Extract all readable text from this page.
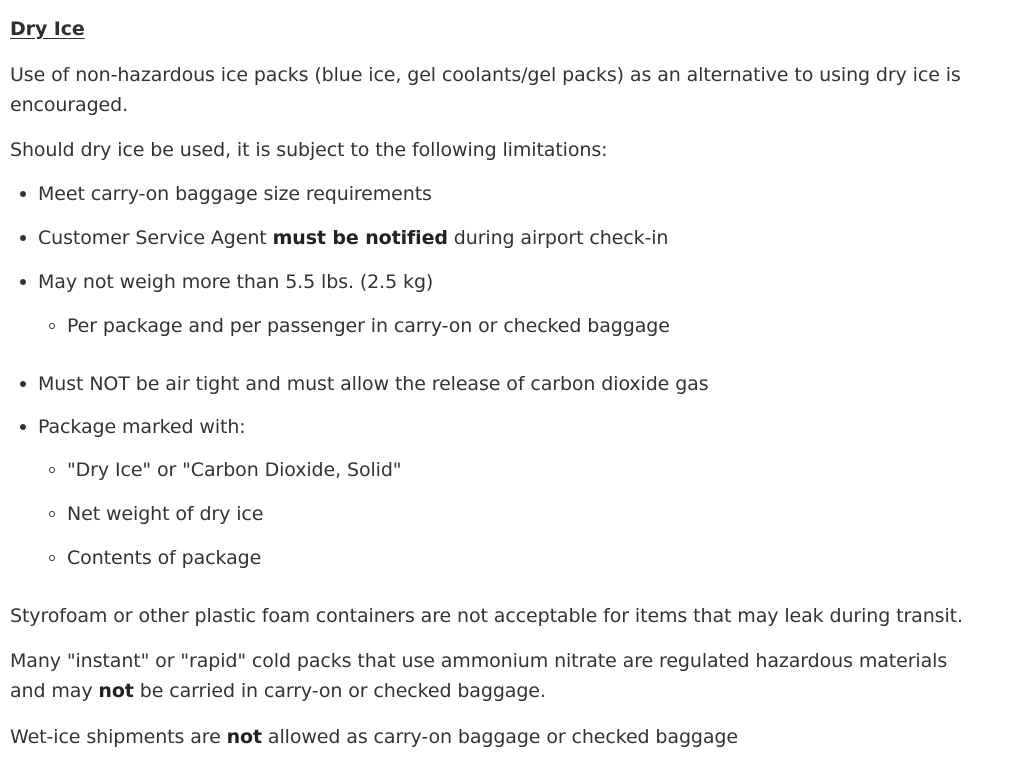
Dry Ice
Use of non-hazardous ice packs (blue ice, gel coolants/gel packs) as an alternative to using dry ice is
encouraged.
Should dry ice be used, it is subject to the following limitations:
Meet carry-on baggage size requirements
Customer Service Agent must be notified during airport check-in
May not weigh more than 5.5 lbs. (2.5 kg)
Per package and per passenger in carry-on or checked baggage
Must NOT be air tight and must allow the release of carbon dioxide gas
Package marked with:
"Dry Ice" or "Carbon Dioxide, Solid"
Net weight of dry ice
Contents of package
Styrofoam or other plastic foam containers are not acceptable for items that may leak during transit.
Many "instant" or "rapid" cold packs that use ammonium nitrate are regulated hazardous materials
and may not be carried in carry-on or checked baggage.
Wet-ice shipments are not allowed as carry-on baggage or checked baggage
